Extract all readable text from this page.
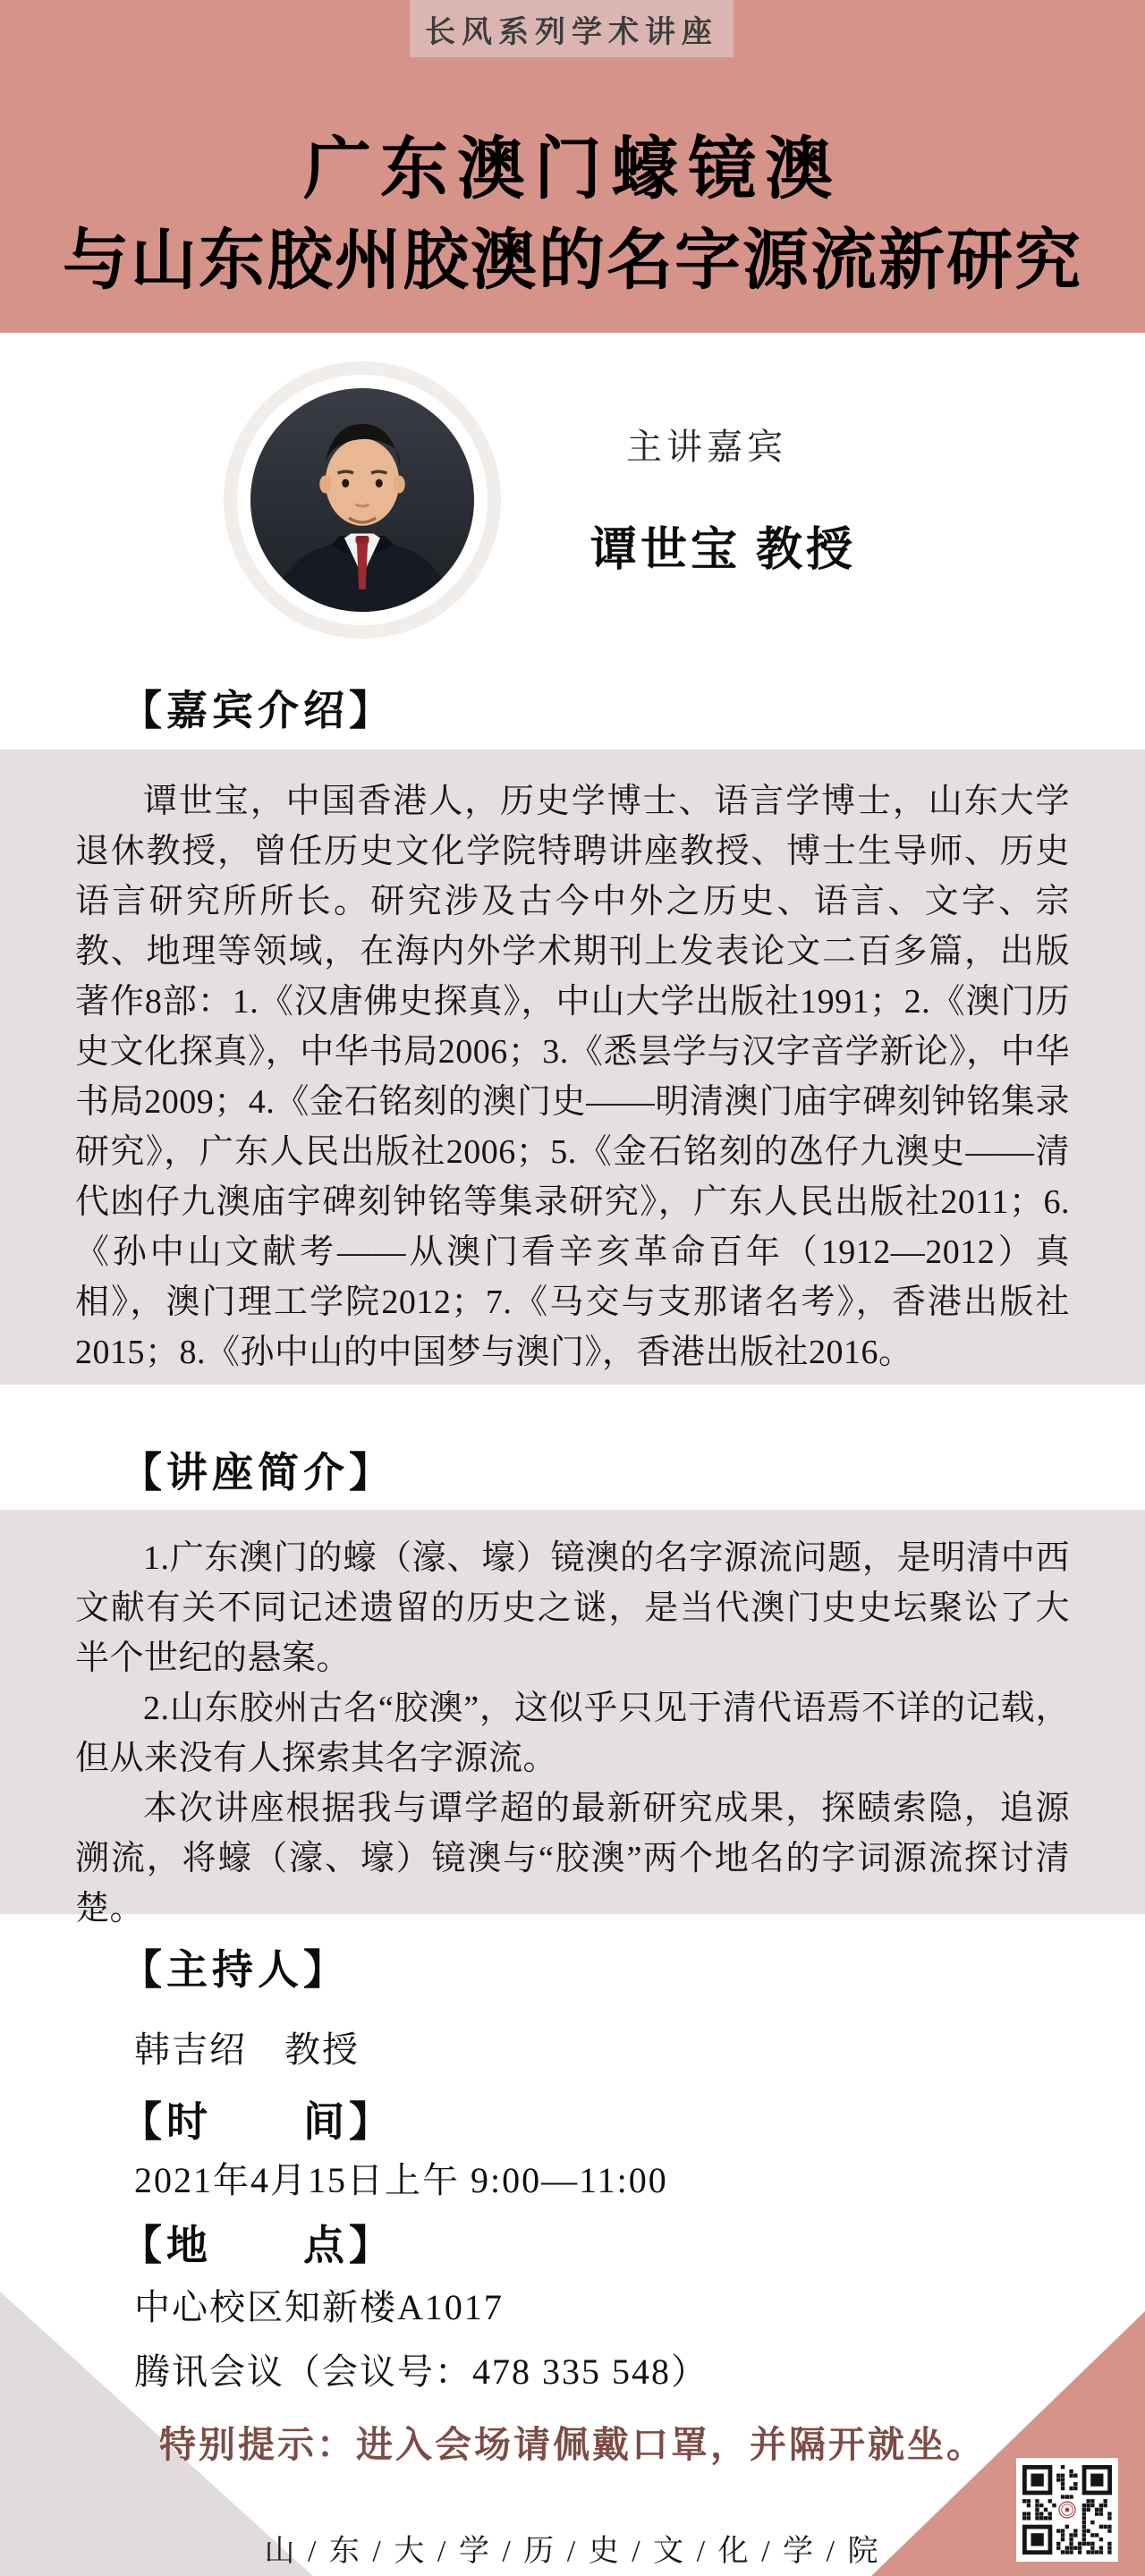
长风系列学术讲座
广东澳门蠔镜澳
与山东胶州胶澳的名字源流新研究
主讲嘉宾
谭世宝 教授
【嘉宾介绍】

谭世宝，中国香港人，历史学博士、语言学博士，山东大学退休教授，曾任历史文化学院特聘讲座教授、博士生导师、历史语言研究所所长。研究涉及古今中外之历史、语言、文字、宗教、地理等领域，在海内外学术期刊上发表论文二百多篇，出版著作8部：1.《汉唐佛史探真》，中山大学出版社1991；2.《澳门历史文化探真》，中华书局2006；3.《悉昙学与汉字音学新论》，中华书局2009；4.《金石铭刻的澳门史——明清澳门庙宇碑刻钟铭集录研究》，广东人民出版社2006；5.《金石铭刻的氹仔九澳史——清代凼仔九澳庙宇碑刻钟铭等集录研究》，广东人民出版社2011；6.《孙中山文献考——从澳门看辛亥革命百年（1912—2012）真相》，澳门理工学院2012；7.《马交与支那诸名考》，香港出版社2015；8.《孙中山的中国梦与澳门》，香港出版社2016。

【讲座简介】

1.广东澳门的蠔（濠、壕）镜澳的名字源流问题，是明清中西文献有关不同记述遗留的历史之谜，是当代澳门史史坛聚讼了大半个世纪的悬案。

2.山东胶州古名“胶澳”，这似乎只见于清代语焉不详的记载，但从来没有人探索其名字源流。

本次讲座根据我与谭学超的最新研究成果，探赜索隐，追源溯流，将蠔（濠、壕）镜澳与“胶澳”两个地名的字词源流探讨清楚。

【主持人】
韩吉绍　教授
【时　　间】
2021年4月15日上午 9:00—11:00
【地　　点】
中心校区知新楼A1017
腾讯会议（会议号：478 335 548）
特别提示：进入会场请佩戴口罩，并隔开就坐。
山 / 东 / 大 / 学 / 历 / 史 / 文 / 化 / 学 / 院
